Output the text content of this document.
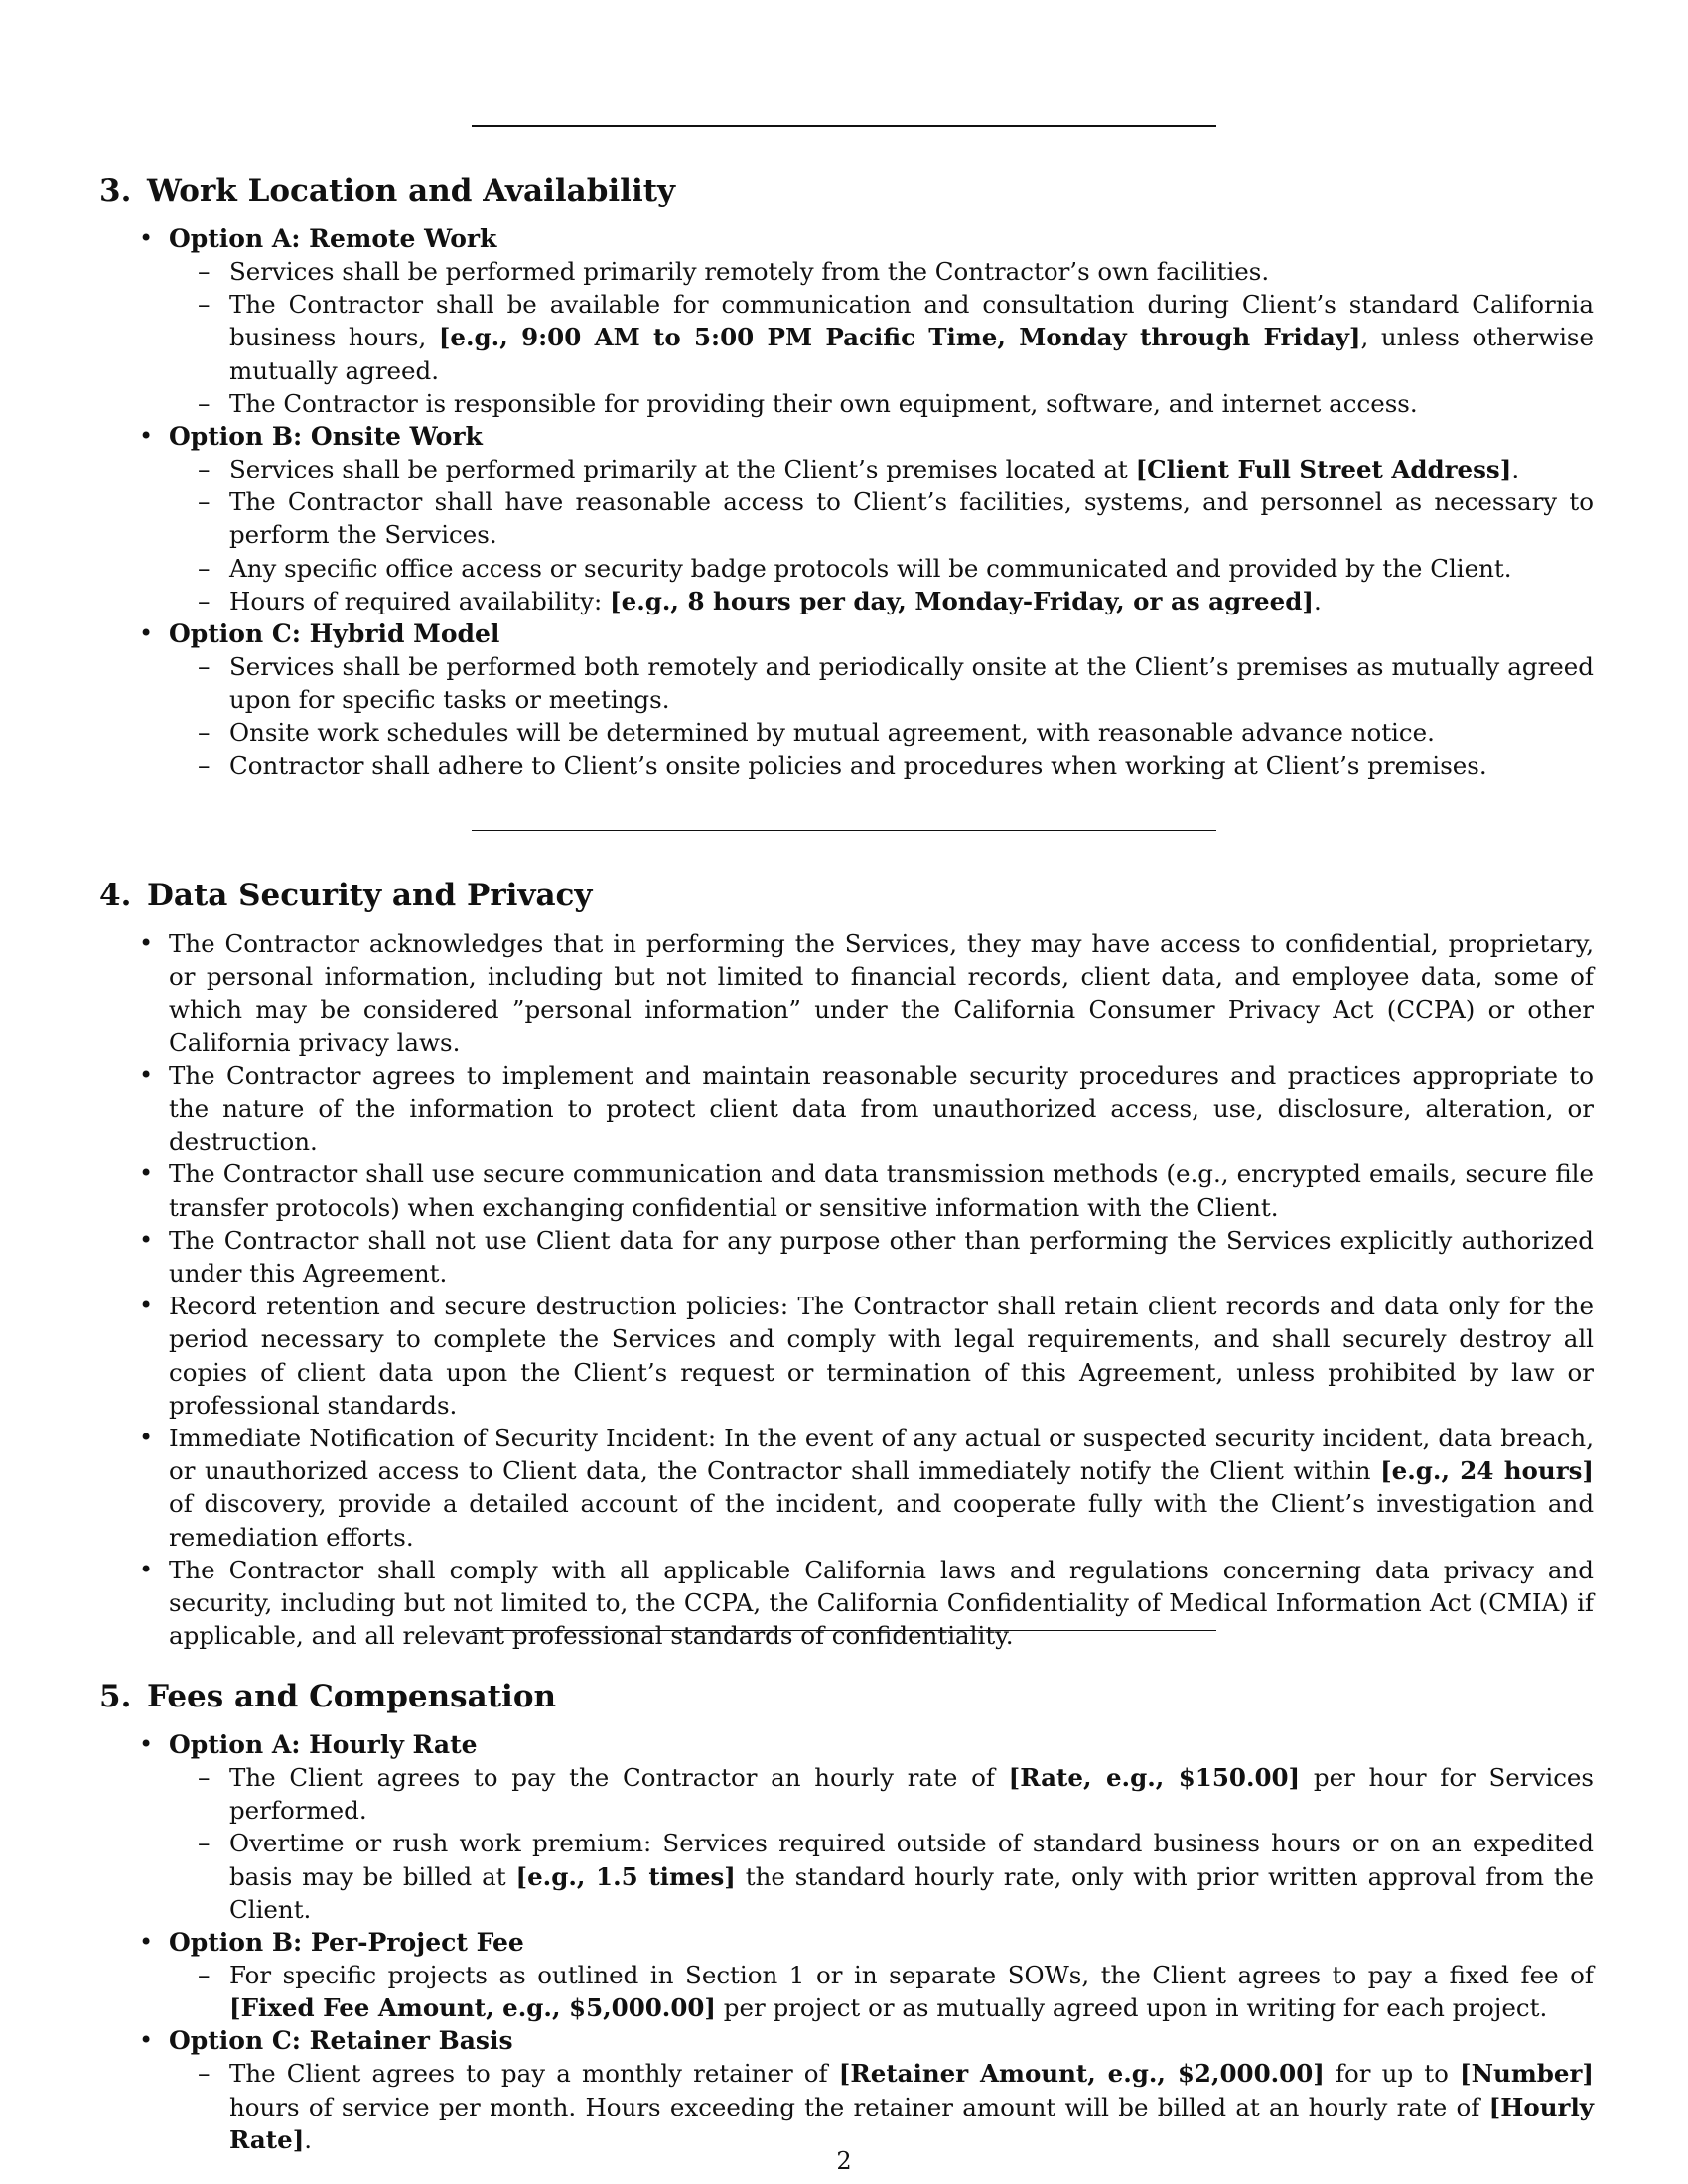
3. Work Location and Availability
• Option A: Remote Work
– Services shall be performed primarily remotely from the Contractor’s own facilities.
– The Contractor shall be available for communication and consultation during Client’s standard California business hours, [e.g., 9:00 AM to 5:00 PM Pacific Time, Monday through Friday], unless otherwise mutually agreed.
– The Contractor is responsible for providing their own equipment, software, and internet access.
• Option B: Onsite Work
– Services shall be performed primarily at the Client’s premises located at [Client Full Street Address].
– The Contractor shall have reasonable access to Client’s facilities, systems, and personnel as necessary to perform the Services.
– Any specific office access or security badge protocols will be communicated and provided by the Client.
– Hours of required availability: [e.g., 8 hours per day, Monday-Friday, or as agreed].
• Option C: Hybrid Model
– Services shall be performed both remotely and periodically onsite at the Client’s premises as mutually agreed upon for specific tasks or meetings.
– Onsite work schedules will be determined by mutual agreement, with reasonable advance notice.
– Contractor shall adhere to Client’s onsite policies and procedures when working at Client’s premises.
4. Data Security and Privacy
• The Contractor acknowledges that in performing the Services, they may have access to confidential, proprietary, or personal information, including but not limited to financial records, client data, and employee data, some of which may be considered ”personal information” under the California Consumer Privacy Act (CCPA) or other California privacy laws.
• The Contractor agrees to implement and maintain reasonable security procedures and practices appropriate to the nature of the information to protect client data from unauthorized access, use, disclosure, alteration, or destruction.
• The Contractor shall use secure communication and data transmission methods (e.g., encrypted emails, secure file transfer protocols) when exchanging confidential or sensitive information with the Client.
• The Contractor shall not use Client data for any purpose other than performing the Services explicitly authorized under this Agreement.
• Record retention and secure destruction policies: The Contractor shall retain client records and data only for the period necessary to complete the Services and comply with legal requirements, and shall securely destroy all copies of client data upon the Client’s request or termination of this Agreement, unless prohibited by law or professional standards.
• Immediate Notification of Security Incident: In the event of any actual or suspected security incident, data breach, or unauthorized access to Client data, the Contractor shall immediately notify the Client within [e.g., 24 hours] of discovery, provide a detailed account of the incident, and cooperate fully with the Client’s investigation and remediation efforts.
• The Contractor shall comply with all applicable California laws and regulations concerning data privacy and security, including but not limited to, the CCPA, the California Confidentiality of Medical Information Act (CMIA) if applicable, and all relevant professional standards of confidentiality.
5. Fees and Compensation
• Option A: Hourly Rate
– The Client agrees to pay the Contractor an hourly rate of [Rate, e.g., $150.00] per hour for Services performed.
– Overtime or rush work premium: Services required outside of standard business hours or on an expedited basis may be billed at [e.g., 1.5 times] the standard hourly rate, only with prior written approval from the Client.
• Option B: Per-Project Fee
– For specific projects as outlined in Section 1 or in separate SOWs, the Client agrees to pay a fixed fee of [Fixed Fee Amount, e.g., $5,000.00] per project or as mutually agreed upon in writing for each project.
• Option C: Retainer Basis
– The Client agrees to pay a monthly retainer of [Retainer Amount, e.g., $2,000.00] for up to [Number] hours of service per month. Hours exceeding the retainer amount will be billed at an hourly rate of [Hourly Rate].
2
